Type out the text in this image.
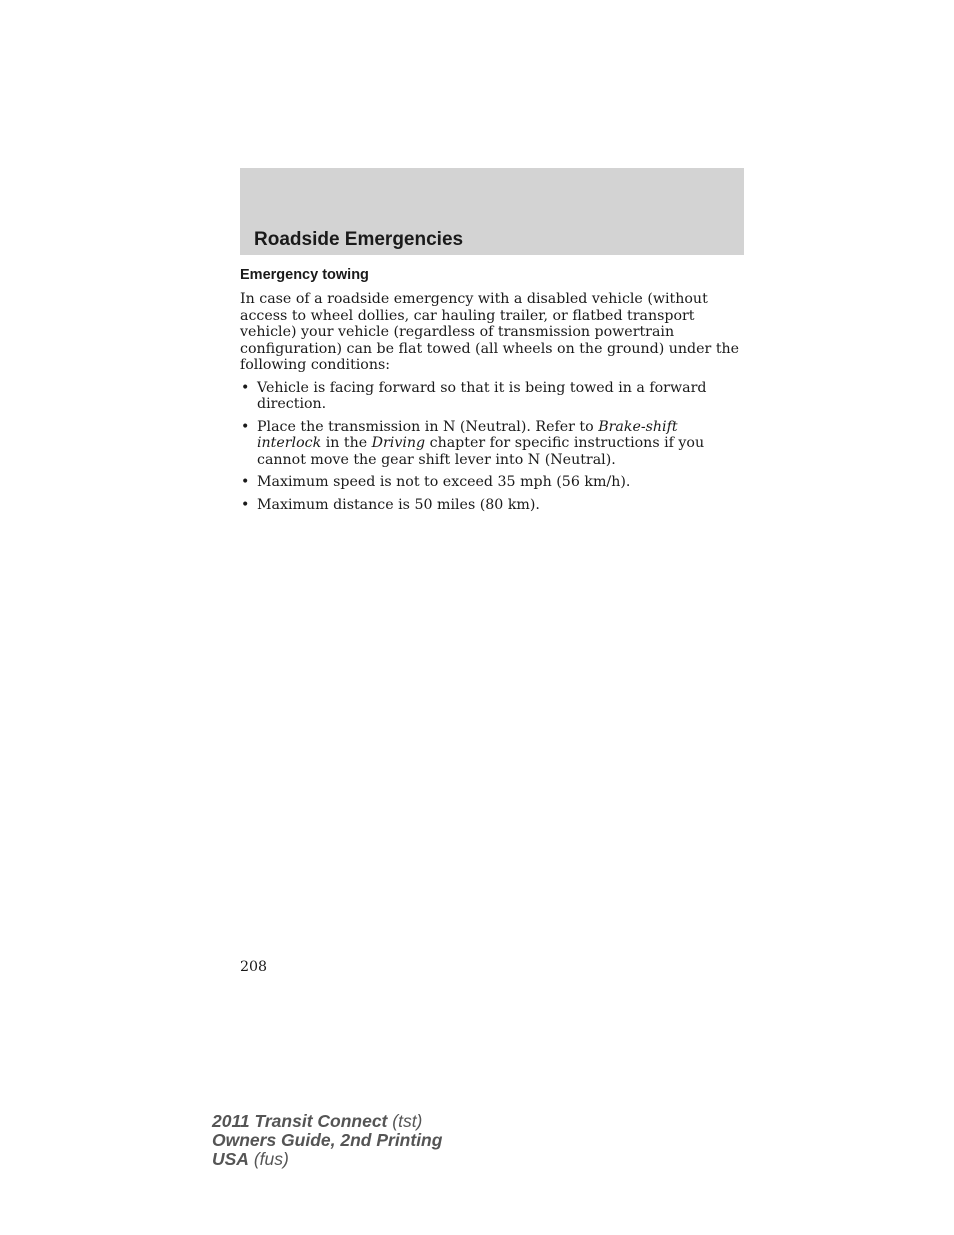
Roadside Emergencies
Emergency towing

In case of a roadside emergency with a disabled vehicle (without access to wheel dollies, car hauling trailer, or flatbed transport vehicle) your vehicle (regardless of transmission powertrain configuration) can be flat towed (all wheels on the ground) under the following conditions:

• Vehicle is facing forward so that it is being towed in a forward direction.
• Place the transmission in N (Neutral). Refer to Brake-shift interlock in the Driving chapter for specific instructions if you cannot move the gear shift lever into N (Neutral).
• Maximum speed is not to exceed 35 mph (56 km/h).
• Maximum distance is 50 miles (80 km).
208
2011 Transit Connect (tst)
Owners Guide, 2nd Printing
USA (fus)
